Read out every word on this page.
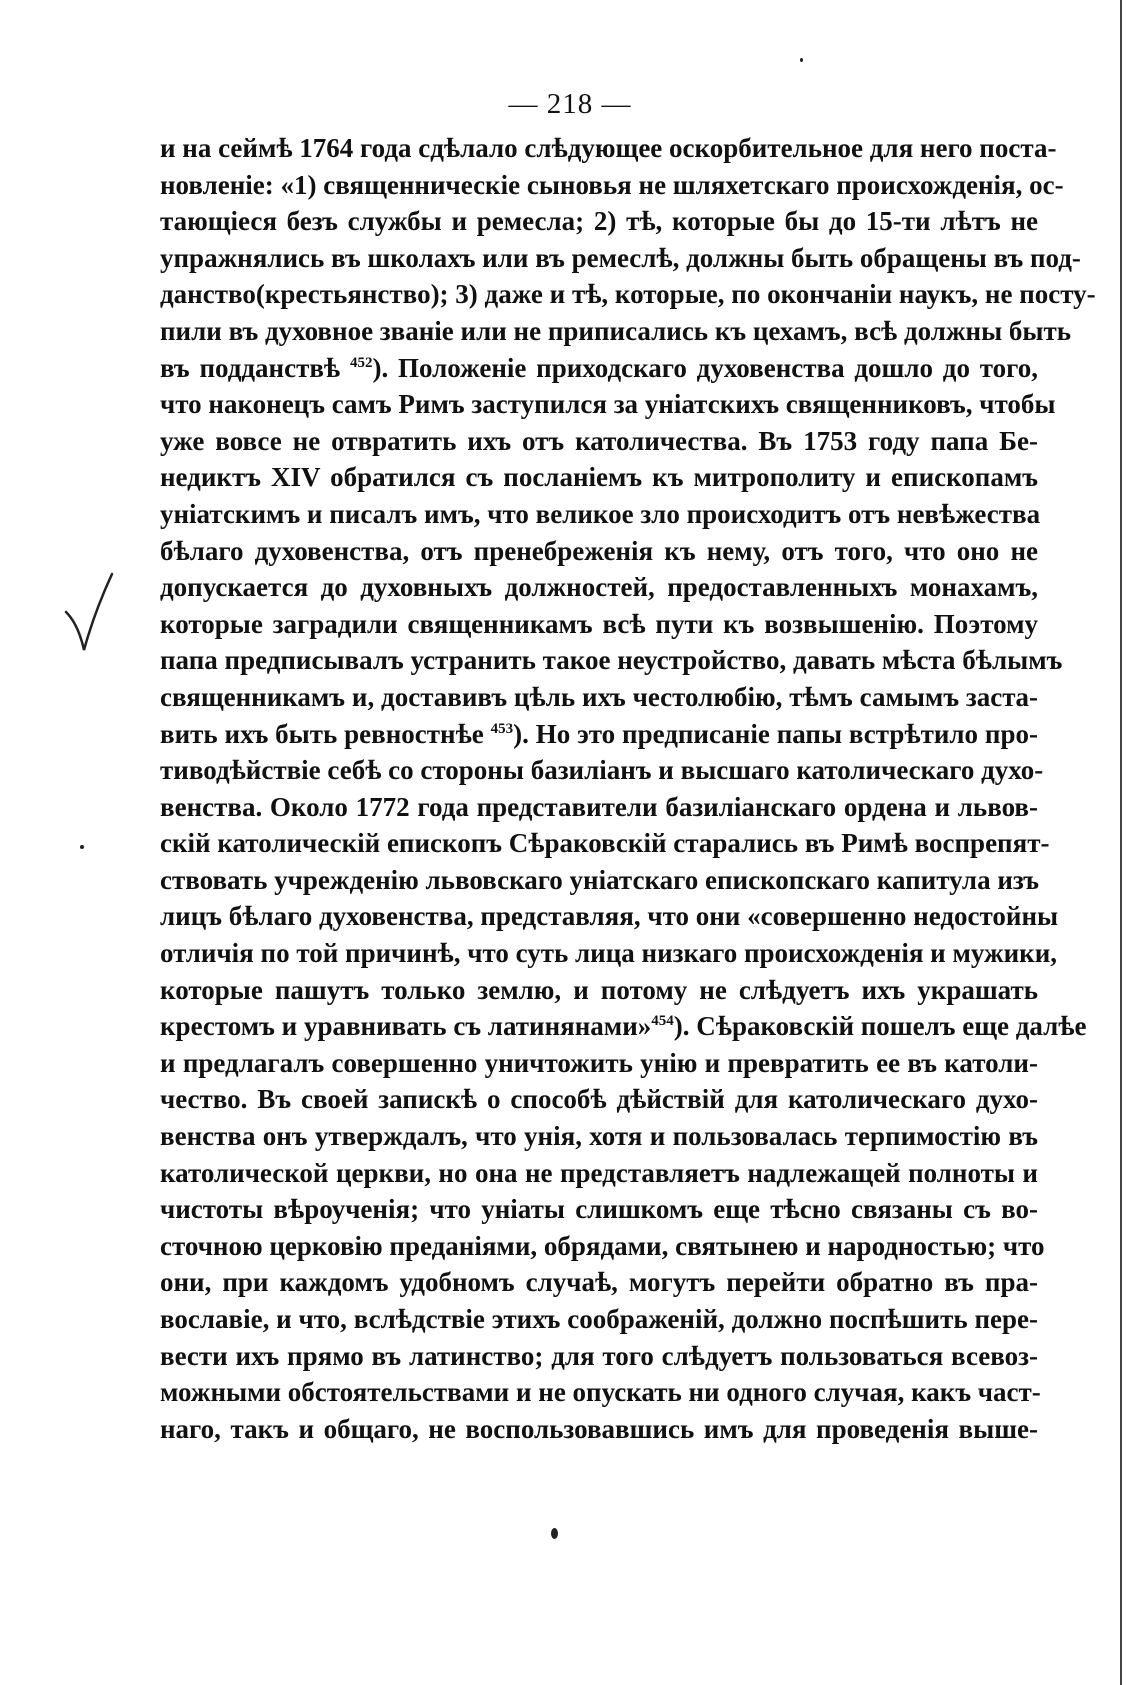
— 218 —
и на сеймѣ 1764 года сдѣлало слѣдующее оскорбительное для него поста-
новленіе: «1) священническіе сыновья не шляхетскаго происхожденія, ос-
тающіеся безъ службы и ремесла; 2) тѣ, которые бы до 15-ти лѣтъ не
упражнялись въ школахъ или въ ремеслѣ, должны быть обращены въ под-
данство(крестьянство); 3) даже и тѣ, которые, по окончаніи наукъ, не посту-
пили въ духовное званіе или не приписались къ цехамъ, всѣ должны быть
въ подданствѣ $^{452}$). Положеніе приходскаго духовенства дошло до того,
что наконецъ самъ Римъ заступился за уніатскихъ священниковъ, чтобы
уже вовсе не отвратить ихъ отъ католичества. Въ 1753 году папа Бе-
недиктъ XIV обратился съ посланіемъ къ митрополиту и епископамъ
уніатскимъ и писалъ имъ, что великое зло происходитъ отъ невѣжества
бѣлаго духовенства, отъ пренебреженія къ нему, отъ того, что оно не
допускается до духовныхъ должностей, предоставленныхъ монахамъ,
которые заградили священникамъ всѣ пути къ возвышенію. Поэтому
папа предписывалъ устранить такое неустройство, давать мѣста бѣлымъ
священникамъ и, доставивъ цѣль ихъ честолюбію, тѣмъ самымъ застa-
вить ихъ быть ревностнѣе $^{453}$). Но это предписаніе папы встрѣтило про-
тиводѣйствіе себѣ со стороны базиліанъ и высшаго католическаго духо-
венства. Около 1772 года представители базиліанскаго ордена и львов-
скій католическій епископъ Сѣраковскій старались въ Римѣ воспрепят-
ствовать учрежденію львовскаго уніатскаго епископскаго капитула изъ
лицъ бѣлаго духовенства, представляя, что они «совершенно недостойны
отличія по той причинѣ, что суть лица низкаго происхожденія и мужики,
которые пашутъ только землю, и потому не слѣдуетъ ихъ украшать
крестомъ и уравнивать съ латинянами»$^{454}$). Сѣраковскій пошелъ еще далѣе
и предлагалъ совершенно уничтожить унію и превратить ее въ католи-
чество. Въ своей запискѣ о способѣ дѣйствій для католическаго духо-
венства онъ утверждалъ, что унія, хотя и пользовалась терпимостію въ
католической церкви, но она не представляетъ надлежащей полноты и
чистоты вѣроученія; что уніаты слишкомъ еще тѣсно связаны съ во-
сточною церковію преданіями, обрядами, святынею и народностью; что
они, при каждомъ удобномъ случаѣ, могутъ перейти обратно въ пра-
вославіе, и что, вслѣдствіе этихъ соображеній, должно поспѣшить пере-
вести ихъ прямо въ латинство; для того слѣдуетъ пользоваться всевоз-
можными обстоятельствами и не опускать ни одного случая, какъ част-
наго, такъ и общаго, не воспользовавшись имъ для проведенія выше-
